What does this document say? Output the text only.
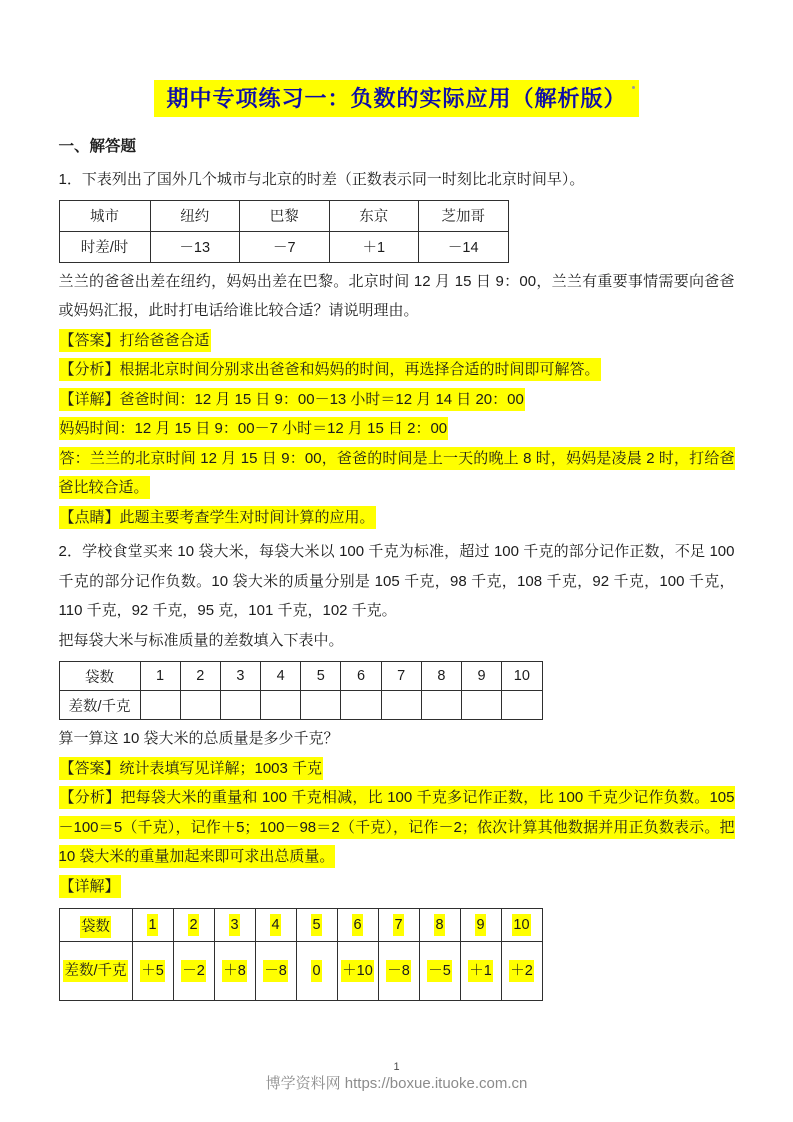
期中专项练习一：负数的实际应用（解析版）

一、解答题

1．下表列出了国外几个城市与北京的时差（正数表示同一时刻比北京时间早）。

城市	纽约	巴黎	东京	芝加哥
时差/时	－13	－7	＋1	－14

兰兰的爸爸出差在纽约，妈妈出差在巴黎。北京时间 12 月 15 日 9：00，兰兰有重要事情需要向爸爸或妈妈汇报，此时打电话给谁比较合适？请说明理由。

【答案】打给爸爸合适

【分析】根据北京时间分别求出爸爸和妈妈的时间，再选择合适的时间即可解答。

【详解】爸爸时间：12 月 15 日 9：00－13 小时＝12 月 14 日 20：00

妈妈时间：12 月 15 日 9：00－7 小时＝12 月 15 日 2：00

答：兰兰的北京时间 12 月 15 日 9：00，爸爸的时间是上一天的晚上 8 时，妈妈是凌晨 2 时，打给爸爸比较合适。

【点睛】此题主要考查学生对时间计算的应用。

2．学校食堂买来 10 袋大米，每袋大米以 100 千克为标准，超过 100 千克的部分记作正数，不足 100 千克的部分记作负数。10 袋大米的质量分别是 105 千克，98 千克，108 千克，92 千克，100 千克，110 千克，92 千克，95 克，101 千克，102 千克。

把每袋大米与标准质量的差数填入下表中。

袋数	1	2	3	4	5	6	7	8	9	10
差数/千克										

算一算这 10 袋大米的总质量是多少千克？

【答案】统计表填写见详解；1003 千克

【分析】把每袋大米的重量和 100 千克相减，比 100 千克多记作正数，比 100 千克少记作负数。105－100＝5（千克），记作＋5；100－98＝2（千克），记作－2；依次计算其他数据并用正负数表示。把 10 袋大米的重量加起来即可求出总质量。

【详解】

袋数	1	2	3	4	5	6	7	8	9	10
差数/千克	＋5	－2	＋8	－8	0	＋10	－8	－5	＋1	＋2
1
博学资料网 https://boxue.ituoke.com.cn
